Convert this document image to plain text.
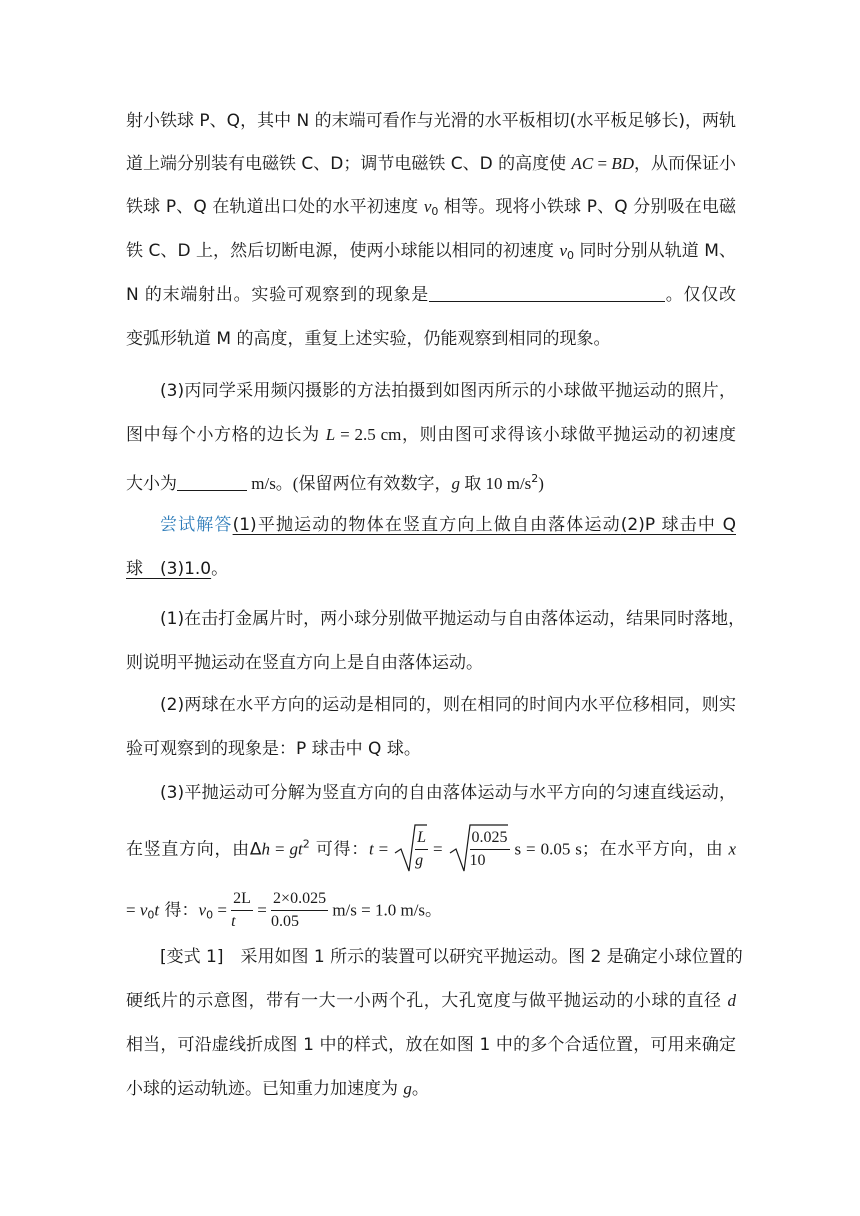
射小铁球 P、Q，其中 N 的末端可看作与光滑的水平板相切(水平板足够长)，两轨
道上端分别装有电磁铁 C、D；调节电磁铁 C、D 的高度使 AC = BD，从而保证小
铁球 P、Q 在轨道出口处的水平初速度 $v_0$ 相等。现将小铁球 P、Q 分别吸在电磁
铁 C、D 上，然后切断电源，使两小球能以相同的初速度 $v_0$ 同时分别从轨道 M、
N 的末端射出。实验可观察到的现象是	。仅仅改
变弧形轨道 M 的高度，重复上述实验，仍能观察到相同的现象。
(3)丙同学采用频闪摄影的方法拍摄到如图丙所示的小球做平抛运动的照片，
图中每个小方格的边长为 L = 2.5 cm，则由图可求得该小球做平抛运动的初速度
大小为	m/s。(保留两位有效数字，g 取 10 $m/s^2$)
尝试解答(1)平抛运动的物体在竖直方向上做自由落体运动(2)P 球击中 Q
球  (3)1.0。
(1)在击打金属片时，两小球分别做平抛运动与自由落体运动，结果同时落地，
则说明平抛运动在竖直方向上是自由落体运动。
(2)两球在水平方向的运动是相同的，则在相同的时间内水平位移相同，则实
验可观察到的现象是：P 球击中 Q 球。
(3)平抛运动可分解为竖直方向的自由落体运动与水平方向的匀速直线运动，
在竖直方向，由$\Delta h = gt^2$ 可得：$t = \frac{L}{g} = \frac{0.025}{10}$ s = 0.05 s；在水平方向，由 x
= $v_0t$ 得：$v_0 = \frac{2L}{t} = \frac{2\times 0.025}{0.05} m/s = 1.0$ m/s。
[变式 1]　采用如图 1 所示的装置可以研究平抛运动。图 2 是确定小球位置的
硬纸片的示意图，带有一大一小两个孔，大孔宽度与做平抛运动的小球的直径 d
相当，可沿虚线折成图 1 中的样式，放在如图 1 中的多个合适位置，可用来确定
小球的运动轨迹。已知重力加速度为 g。
